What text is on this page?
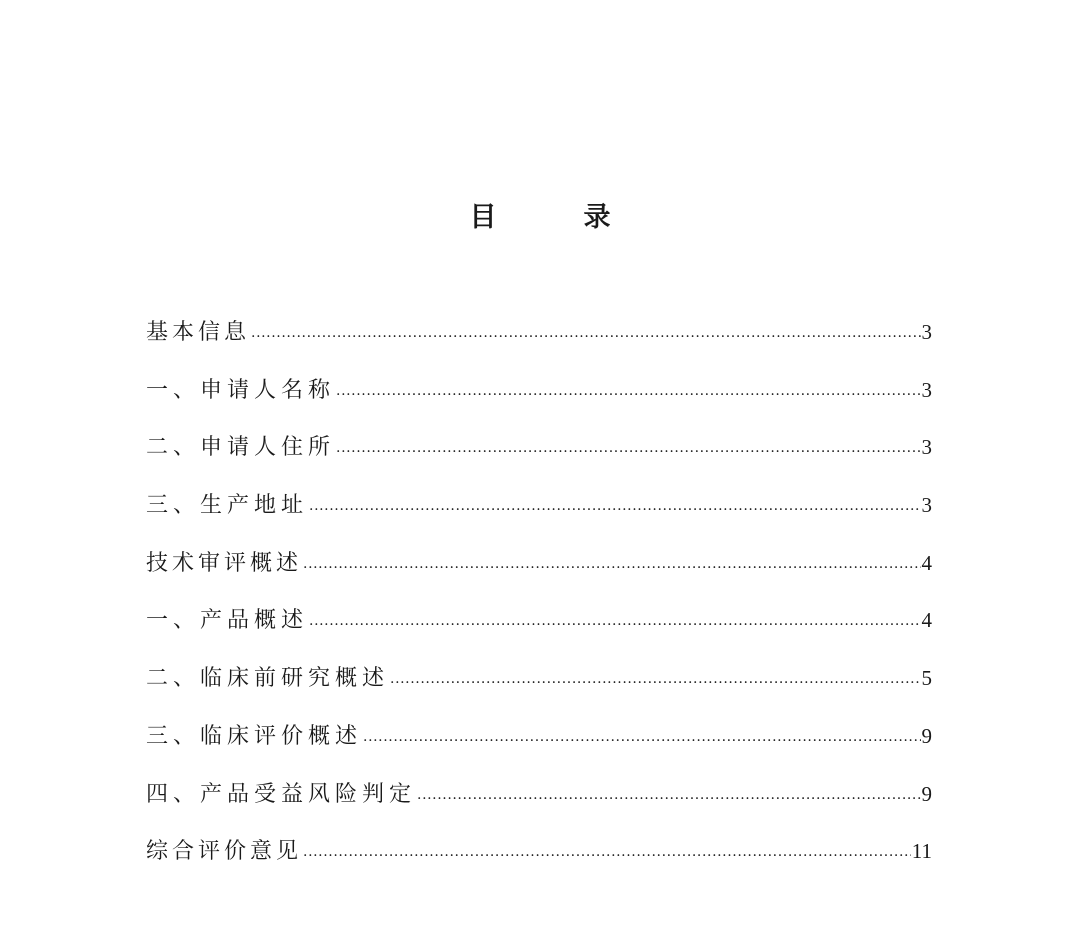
目　录
基本信息 .....	3
一、申请人名称 .....	3
二、申请人住所 .....	3
三、生产地址 .....	3
技术审评概述 .....	4
一、产品概述 .....	4
二、临床前研究概述 .....	5
三、临床评价概述 .....	9
四、产品受益风险判定 .....	9
综合评价意见 .....	11
